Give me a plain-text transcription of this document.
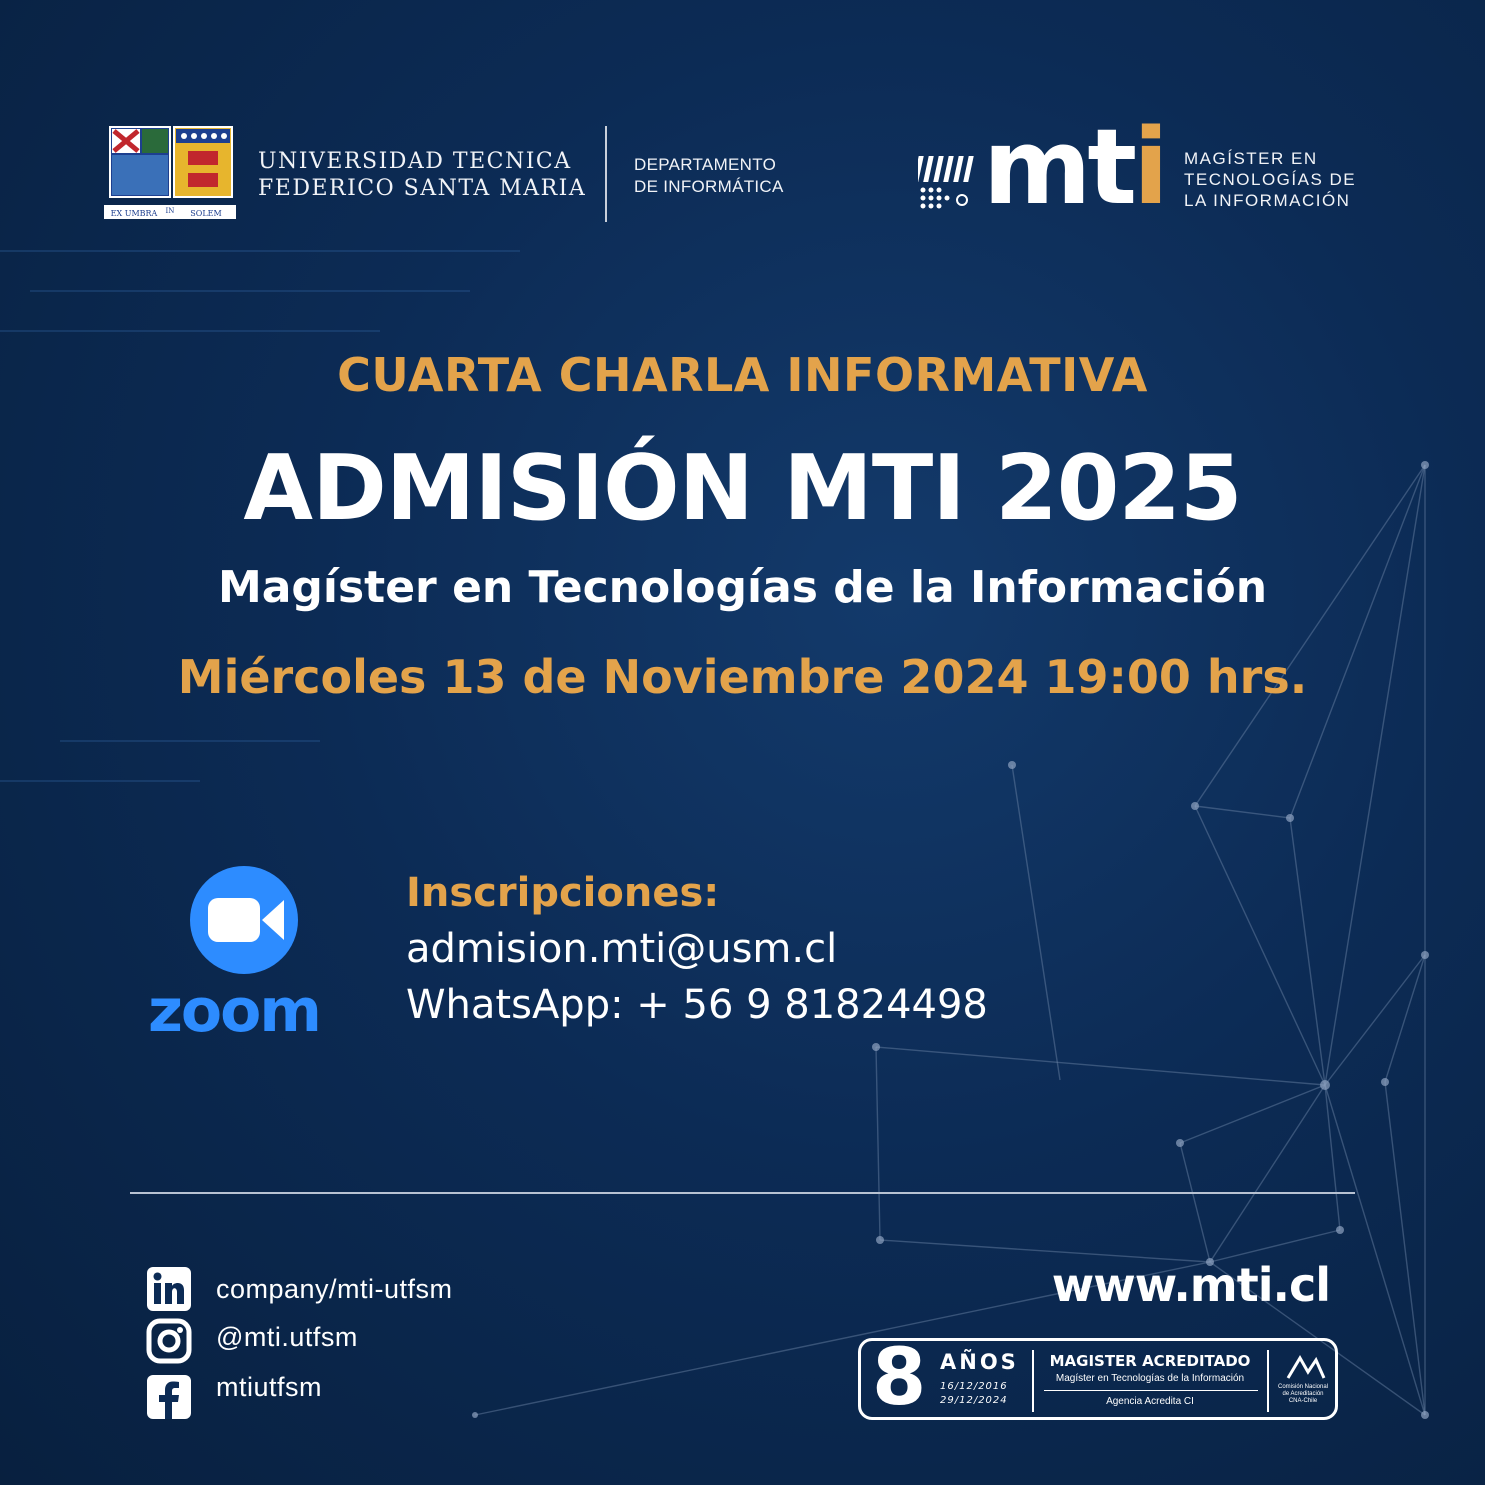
EX UMBRA IN SOLEM
UNIVERSIDAD TECNICA
FEDERICO SANTA MARIA
DEPARTAMENTO
DE INFORMÁTICA mti MAGÍSTER EN
TECNOLOGÍAS DE
LA INFORMACIÓN
CUARTA CHARLA INFORMATIVA
ADMISIÓN MTI 2025
Magíster en Tecnologías de la Información
Miércoles 13 de Noviembre 2024 19:00 hrs.
zoom
Inscripciones:
admision.mti@usm.cl
WhatsApp: + 56 9 81824498
company/mti-utfsm
@mti.utfsm
mtiutfsm
www.mti.cl
8 AÑOS
16/12/2016
29/12/2024
MAGISTER ACREDITADO
Magíster en Tecnologías de la Información
Agencia Acredita CI
Comisión Nacional
de Acreditación
CNA-Chile
